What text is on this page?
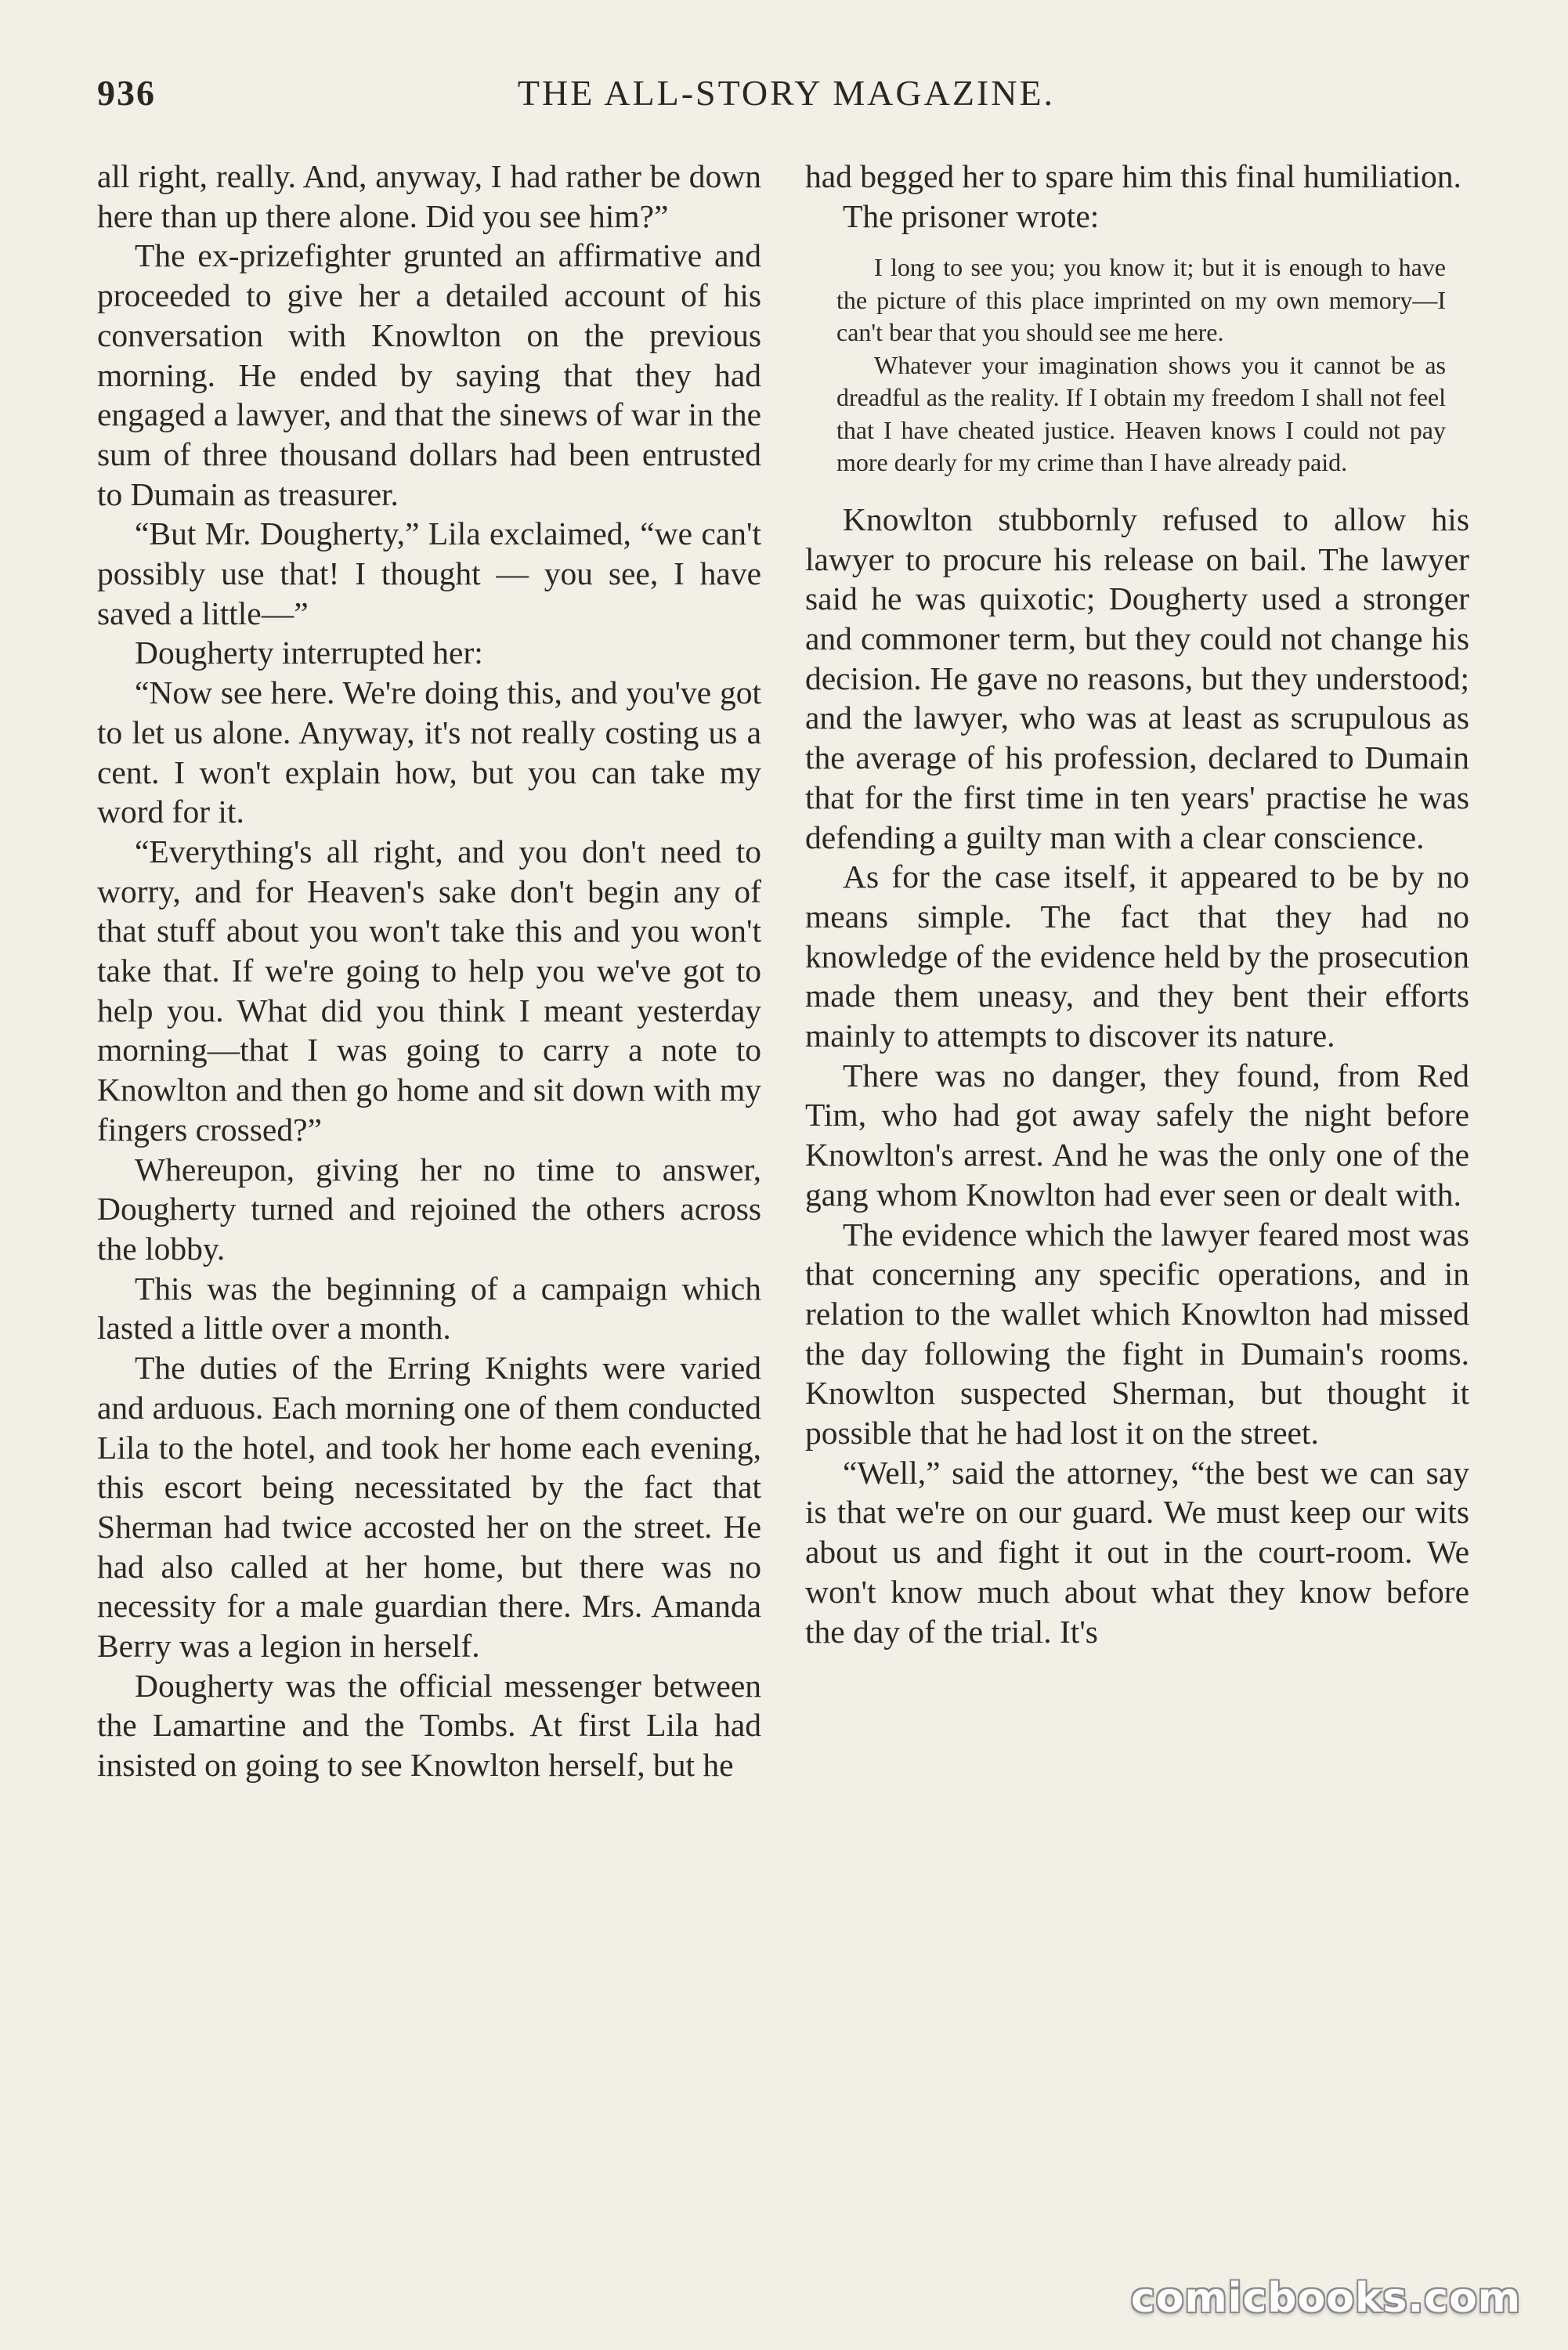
936	THE ALL-STORY MAGAZINE.

all right, really. And, anyway, I had rather be down here than up there alone. Did you see him?”

The ex-prizefighter grunted an affirmative and proceeded to give her a detailed account of his conversation with Knowlton on the previous morning. He ended by saying that they had engaged a lawyer, and that the sinews of war in the sum of three thousand dollars had been entrusted to Dumain as treasurer.

“But Mr. Dougherty,” Lila exclaimed, “we can't possibly use that! I thought — you see, I have saved a little—”

Dougherty interrupted her:

“Now see here. We're doing this, and you've got to let us alone. Anyway, it's not really costing us a cent. I won't explain how, but you can take my word for it.

“Everything's all right, and you don't need to worry, and for Heaven's sake don't begin any of that stuff about you won't take this and you won't take that. If we're going to help you we've got to help you. What did you think I meant yesterday morning—that I was going to carry a note to Knowlton and then go home and sit down with my fingers crossed?”

Whereupon, giving her no time to answer, Dougherty turned and rejoined the others across the lobby.

This was the beginning of a campaign which lasted a little over a month.

The duties of the Erring Knights were varied and arduous. Each morning one of them conducted Lila to the hotel, and took her home each evening, this escort being necessitated by the fact that Sherman had twice accosted her on the street. He had also called at her home, but there was no necessity for a male guardian there. Mrs. Amanda Berry was a legion in herself.

Dougherty was the official messenger between the Lamartine and the Tombs. At first Lila had insisted on going to see Knowlton herself, but he

had begged her to spare him this final humiliation.

The prisoner wrote:

I long to see you; you know it; but it is enough to have the picture of this place imprinted on my own memory—I can't bear that you should see me here.

Whatever your imagination shows you it cannot be as dreadful as the reality. If I obtain my freedom I shall not feel that I have cheated justice. Heaven knows I could not pay more dearly for my crime than I have already paid.

Knowlton stubbornly refused to allow his lawyer to procure his release on bail. The lawyer said he was quixotic; Dougherty used a stronger and commoner term, but they could not change his decision. He gave no reasons, but they understood; and the lawyer, who was at least as scrupulous as the average of his profession, declared to Dumain that for the first time in ten years' practise he was defending a guilty man with a clear conscience.

As for the case itself, it appeared to be by no means simple. The fact that they had no knowledge of the evidence held by the prosecution made them uneasy, and they bent their efforts mainly to attempts to discover its nature.

There was no danger, they found, from Red Tim, who had got away safely the night before Knowlton's arrest. And he was the only one of the gang whom Knowlton had ever seen or dealt with.

The evidence which the lawyer feared most was that concerning any specific operations, and in relation to the wallet which Knowlton had missed the day following the fight in Dumain's rooms. Knowlton suspected Sherman, but thought it possible that he had lost it on the street.

“Well,” said the attorney, “the best we can say is that we're on our guard. We must keep our wits about us and fight it out in the court-room. We won't know much about what they know before the day of the trial. It's

comicbooks.com
